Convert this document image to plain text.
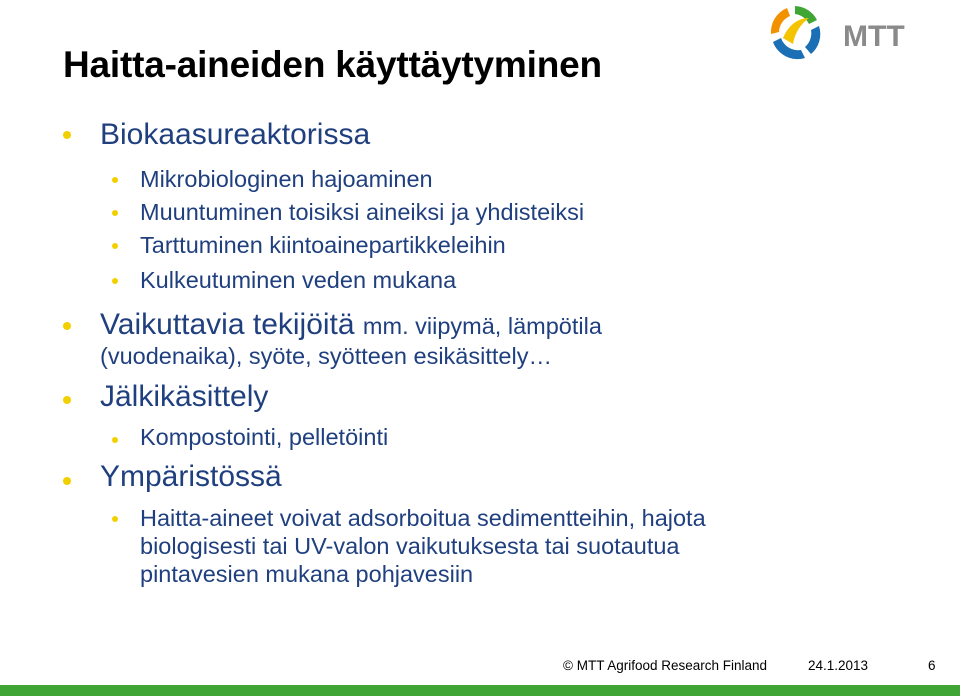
MTT
Haitta-aineiden käyttäytyminen

Biokaasureaktorissa

Mikrobiologinen hajoaminen

Muuntuminen toisiksi aineiksi ja yhdisteiksi

Tarttuminen kiintoainepartikkeleihin

Kulkeutuminen veden mukana

Vaikuttavia tekijöitä mm. viipymä, lämpötila

(vuodenaika), syöte, syötteen esikäsittely…

Jälkikäsittely

Kompostointi, pelletöinti

Ympäristössä

Haitta-aineet voivat adsorboitua sedimentteihin, hajota

biologisesti tai UV-valon vaikutuksesta tai suotautua

pintavesien mukana pohjavesiin

© MTT Agrifood Research Finland	24.1.2013	6
